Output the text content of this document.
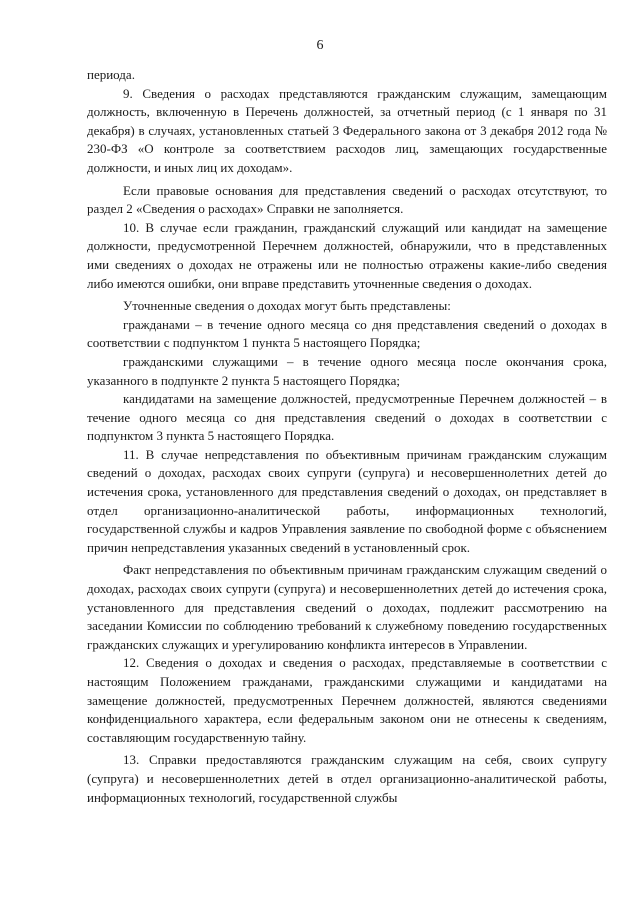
6

периода.

9. Сведения о расходах представляются гражданским служащим, замещающим должность, включенную в Перечень должностей, за отчетный период (с 1 января по 31 декабря) в случаях, установленных статьей 3 Федерального закона от 3 декабря 2012 года № 230-ФЗ «О контроле за соответствием расходов лиц, замещающих государственные должности, и иных лиц их доходам».

Если правовые основания для представления сведений о расходах отсутствуют, то раздел 2 «Сведения о расходах» Справки не заполняется.

10. В случае если гражданин, гражданский служащий или кандидат на замещение должности, предусмотренной Перечнем должностей, обнаружили, что в представленных ими сведениях о доходах не отражены или не полностью отражены какие-либо сведения либо имеются ошибки, они вправе представить уточненные сведения о доходах.

Уточненные сведения о доходах могут быть представлены:

гражданами – в течение одного месяца со дня представления сведений о доходах в соответствии с подпунктом 1 пункта 5 настоящего Порядка;

гражданскими служащими – в течение одного месяца после окончания срока, указанного в подпункте 2 пункта 5 настоящего Порядка;

кандидатами на замещение должностей, предусмотренные Перечнем должностей – в течение одного месяца со дня представления сведений о доходах в соответствии с подпунктом 3 пункта 5 настоящего Порядка.

11. В случае непредставления по объективным причинам гражданским служащим сведений о доходах, расходах своих супруги (супруга) и несовершеннолетних детей до истечения срока, установленного для представления сведений о доходах, он представляет в отдел организационно-аналитической работы, информационных технологий, государственной службы и кадров Управления заявление по свободной форме с объяснением причин непредставления указанных сведений в установленный срок.

Факт непредставления по объективным причинам гражданским служащим сведений о доходах, расходах своих супруги (супруга) и несовершеннолетних детей до истечения срока, установленного для представления сведений о доходах, подлежит рассмотрению на заседании Комиссии по соблюдению требований к служебному поведению государственных гражданских служащих и урегулированию конфликта интересов в Управлении.

12. Сведения о доходах и сведения о расходах, представляемые в соответствии с настоящим Положением гражданами, гражданскими служащими и кандидатами на замещение должностей, предусмотренных Перечнем должностей, являются сведениями конфиденциального характера, если федеральным законом они не отнесены к сведениям, составляющим государственную тайну.

13. Справки предоставляются гражданским служащим на себя, своих супругу (супруга) и несовершеннолетних детей в отдел организационно-аналитической работы, информационных технологий, государственной службы
